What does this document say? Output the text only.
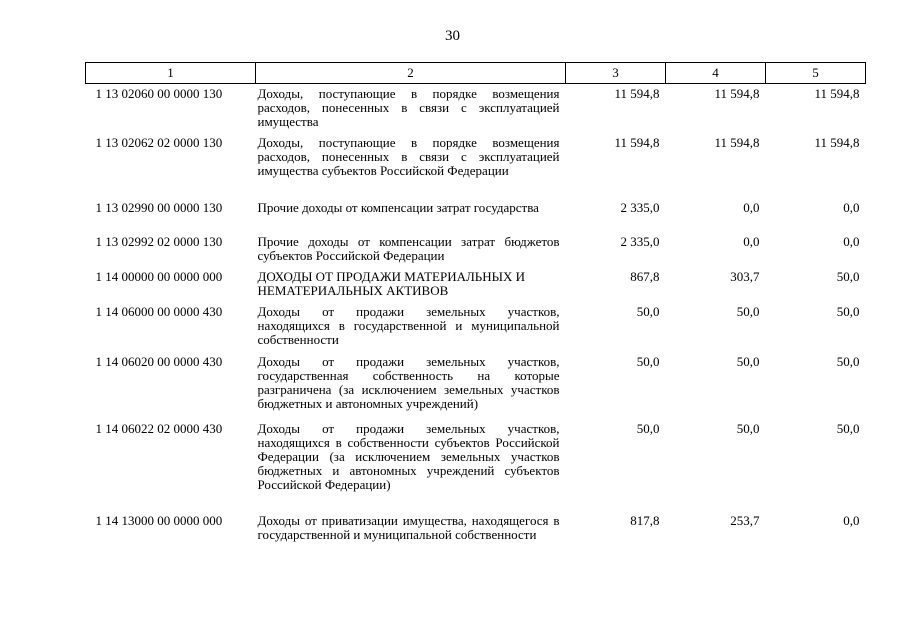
30
1	2	3	4	5
1 13 02060 00 0000 130	Доходы, поступающие в порядке возмещения расходов, понесенных в связи с эксплуатацией имущества	11 594,8	11 594,8	11 594,8
1 13 02062 02 0000 130	Доходы, поступающие в порядке возмещения расходов, понесенных в связи с эксплуатацией имущества субъектов Российской Федерации	11 594,8	11 594,8	11 594,8
1 13 02990 00 0000 130	Прочие доходы от компенсации затрат государства	2 335,0	0,0	0,0
1 13 02992 02 0000 130	Прочие доходы от компенсации затрат бюджетов субъектов Российской Федерации	2 335,0	0,0	0,0
1 14 00000 00 0000 000	ДОХОДЫ ОТ ПРОДАЖИ МАТЕРИАЛЬНЫХ И НЕМАТЕРИАЛЬНЫХ АКТИВОВ	867,8	303,7	50,0
1 14 06000 00 0000 430	Доходы от продажи земельных участков, находящихся в государственной и муниципальной собственности	50,0	50,0	50,0
1 14 06020 00 0000 430	Доходы от продажи земельных участков, государственная собственность на которые разграничена (за исключением земельных участков бюджетных и автономных учреждений)	50,0	50,0	50,0
1 14 06022 02 0000 430	Доходы от продажи земельных участков, находящихся в собственности субъектов Российской Федерации (за исключением земельных участков бюджетных и автономных учреждений субъектов Российской Федерации)	50,0	50,0	50,0
1 14 13000 00 0000 000	Доходы от приватизации имущества, находящегося в государственной и муниципальной собственности	817,8	253,7	0,0
